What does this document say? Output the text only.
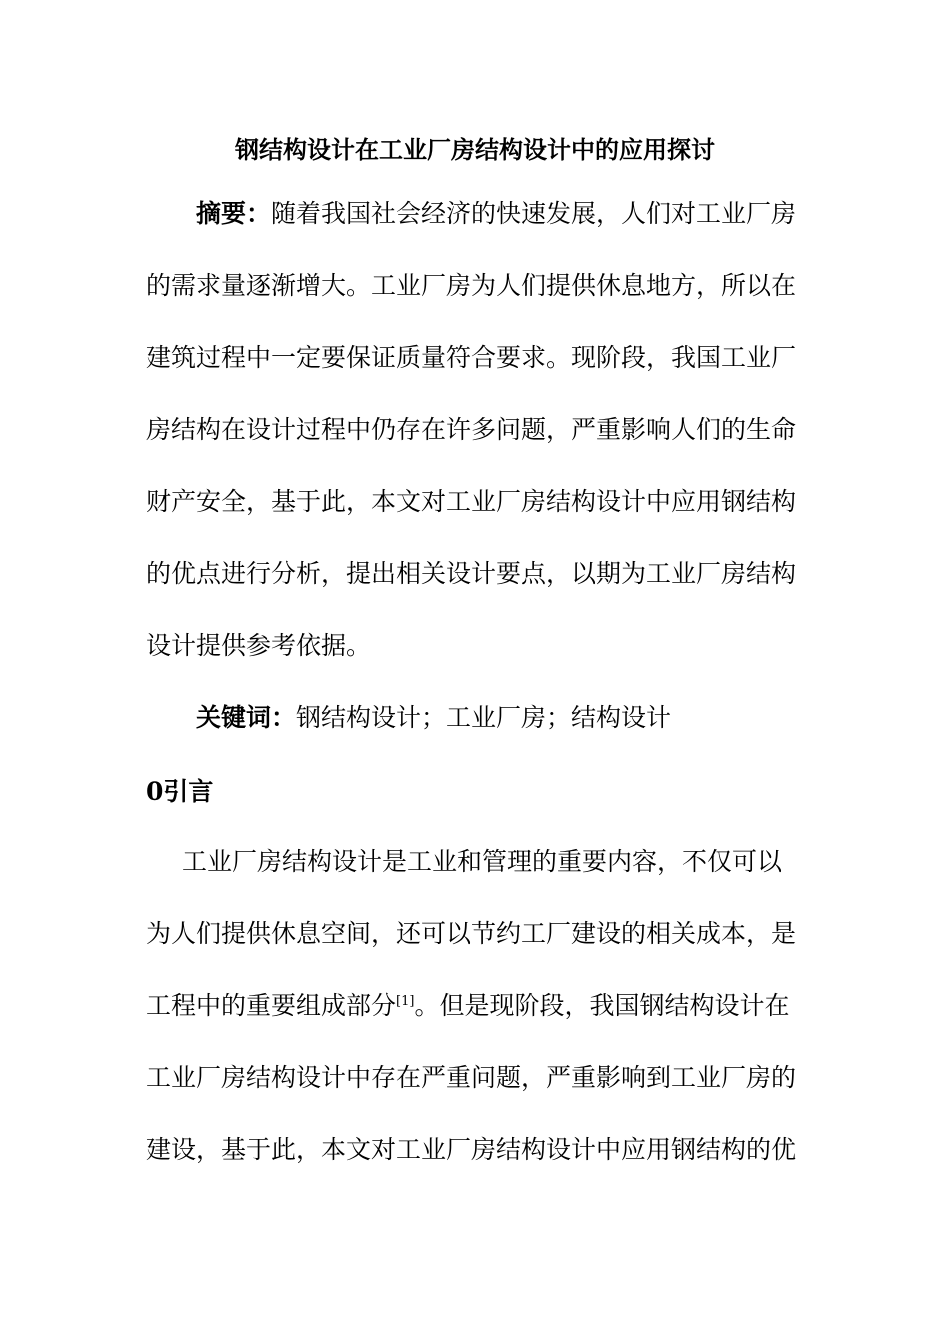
钢结构设计在工业厂房结构设计中的应用探讨
摘要：随着我国社会经济的快速发展，人们对工业厂房
的需求量逐渐增大。工业厂房为人们提供休息地方，所以在
建筑过程中一定要保证质量符合要求。现阶段，我国工业厂
房结构在设计过程中仍存在许多问题，严重影响人们的生命
财产安全，基于此，本文对工业厂房结构设计中应用钢结构
的优点进行分析，提出相关设计要点，以期为工业厂房结构
设计提供参考依据。
关键词：钢结构设计；工业厂房；结构设计
0引言
工业厂房结构设计是工业和管理的重要内容，不仅可以
为人们提供休息空间，还可以节约工厂建设的相关成本，是
工程中的重要组成部分[1]。但是现阶段，我国钢结构设计在
工业厂房结构设计中存在严重问题，严重影响到工业厂房的
建设，基于此，本文对工业厂房结构设计中应用钢结构的优
